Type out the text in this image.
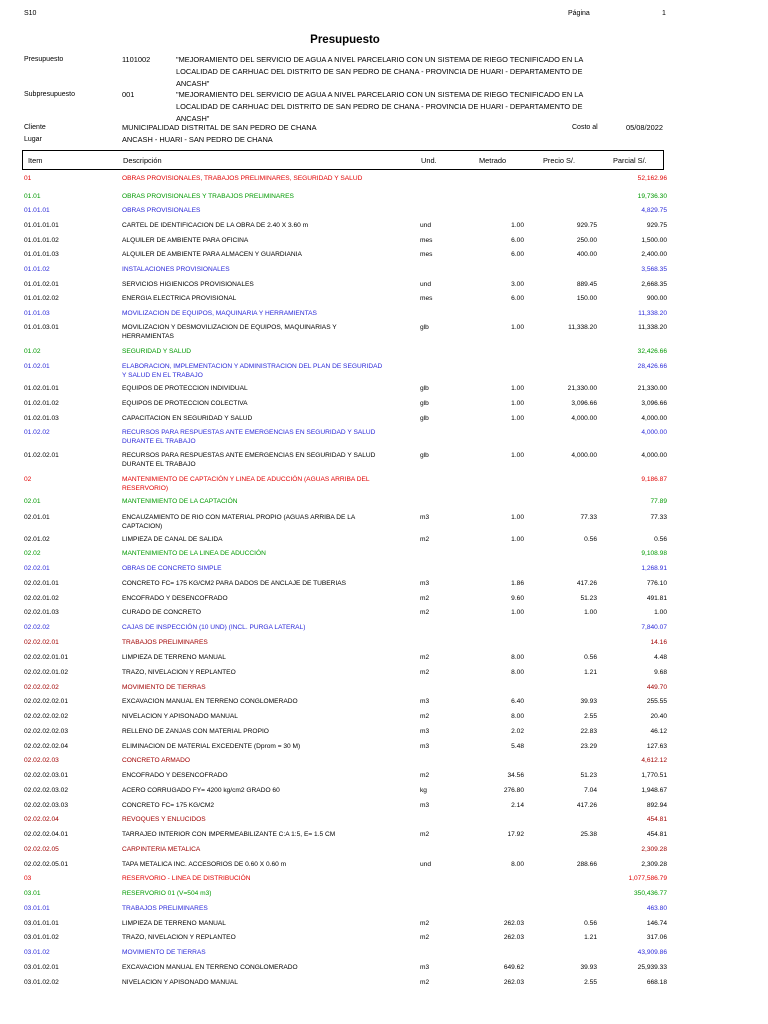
S10	Página	1
Presupuesto
Presupuesto	1101002	"MEJORAMIENTO DEL SERVICIO DE AGUA A NIVEL PARCELARIO CON UN SISTEMA DE RIEGO TECNIFICADO EN LA
LOCALIDAD DE CARHUAC DEL DISTRITO DE SAN PEDRO DE CHANA - PROVINCIA DE HUARI - DEPARTAMENTO DE
ANCASH"
Subpresupuesto	001	"MEJORAMIENTO DEL SERVICIO DE AGUA A NIVEL PARCELARIO CON UN SISTEMA DE RIEGO TECNIFICADO EN LA
LOCALIDAD DE CARHUAC DEL DISTRITO DE SAN PEDRO DE CHANA - PROVINCIA DE HUARI - DEPARTAMENTO DE
ANCASH"
Cliente	MUNICIPALIDAD DISTRITAL DE SAN PEDRO DE CHANA	Costo al	05/08/2022
Lugar	ANCASH - HUARI - SAN PEDRO DE CHANA
Item	Descripción	Und.	Metrado	Precio S/.	Parcial S/.
01	OBRAS PROVISIONALES, TRABAJOS PRELIMINARES, SEGURIDAD Y SALUD	52,162.96
01.01	OBRAS PROVISIONALES Y TRABAJOS PRELIMINARES	19,736.30
01.01.01	OBRAS PROVISIONALES	4,829.75
01.01.01.01	CARTEL DE IDENTIFICACION DE LA OBRA DE 2.40 X 3.60 m	und	1.00	929.75	929.75
01.01.01.02	ALQUILER DE AMBIENTE PARA OFICINA	mes	6.00	250.00	1,500.00
01.01.01.03	ALQUILER DE AMBIENTE PARA ALMACEN Y GUARDIANIA	mes	6.00	400.00	2,400.00
01.01.02	INSTALACIONES PROVISIONALES	3,568.35
01.01.02.01	SERVICIOS HIGIENICOS PROVISIONALES	und	3.00	889.45	2,668.35
01.01.02.02	ENERGIA ELECTRICA PROVISIONAL	mes	6.00	150.00	900.00
01.01.03	MOVILIZACION DE EQUIPOS, MAQUINARIA Y HERRAMIENTAS	11,338.20
01.01.03.01	MOVILIZACION Y DESMOVILIZACION DE EQUIPOS, MAQUINARIAS Y
HERRAMIENTAS
glb	1.00	11,338.20	11,338.20
01.02	SEGURIDAD Y SALUD	32,426.66
01.02.01	ELABORACION, IMPLEMENTACION Y ADMINISTRACION DEL PLAN DE SEGURIDAD
Y SALUD EN EL TRABAJO
28,426.66
01.02.01.01	EQUIPOS DE PROTECCION INDIVIDUAL	glb	1.00	21,330.00	21,330.00
01.02.01.02	EQUIPOS DE PROTECCION COLECTIVA	glb	1.00	3,096.66	3,096.66
01.02.01.03	CAPACITACION EN SEGURIDAD Y SALUD	glb	1.00	4,000.00	4,000.00
01.02.02	RECURSOS PARA RESPUESTAS ANTE EMERGENCIAS EN SEGURIDAD Y SALUD
DURANTE EL TRABAJO
4,000.00
01.02.02.01	RECURSOS PARA RESPUESTAS ANTE EMERGENCIAS EN SEGURIDAD Y SALUD
DURANTE EL TRABAJO
glb	1.00	4,000.00	4,000.00
02	MANTENIMIENTO DE CAPTACIÓN Y LINEA DE ADUCCIÓN (AGUAS ARRIBA DEL
RESERVORIO)
9,186.87
02.01	MANTENIMIENTO DE LA CAPTACIÓN	77.89
02.01.01	ENCAUZAMIENTO DE RIO CON MATERIAL PROPIO (AGUAS ARRIBA DE LA
CAPTACION)
m3	1.00	77.33	77.33
02.01.02	LIMPIEZA DE CANAL DE SALIDA	m2	1.00	0.56	0.56
02.02	MANTENIMIENTO DE LA LINEA DE ADUCCIÓN	9,108.98
02.02.01	OBRAS DE CONCRETO SIMPLE	1,268.91
02.02.01.01	CONCRETO FC= 175 KG/CM2 PARA DADOS DE ANCLAJE DE TUBERIAS	m3	1.86	417.26	776.10
02.02.01.02	ENCOFRADO Y DESENCOFRADO	m2	9.60	51.23	491.81
02.02.01.03	CURADO DE CONCRETO	m2	1.00	1.00	1.00
02.02.02	CAJAS DE INSPECCIÓN (10 UND) (INCL. PURGA LATERAL)	7,840.07
02.02.02.01	TRABAJOS PRELIMINARES	14.16
02.02.02.01.01	LIMPIEZA DE TERRENO MANUAL	m2	8.00	0.56	4.48
02.02.02.01.02	TRAZO, NIVELACION Y REPLANTEO	m2	8.00	1.21	9.68
02.02.02.02	MOVIMIENTO DE TIERRAS	449.70
02.02.02.02.01	EXCAVACION MANUAL EN TERRENO CONGLOMERADO	m3	6.40	39.93	255.55
02.02.02.02.02	NIVELACION Y APISONADO MANUAL	m2	8.00	2.55	20.40
02.02.02.02.03	RELLENO DE ZANJAS CON MATERIAL PROPIO	m3	2.02	22.83	46.12
02.02.02.02.04	ELIMINACION DE MATERIAL EXCEDENTE (Dprom = 30 M)	m3	5.48	23.29	127.63
02.02.02.03	CONCRETO ARMADO	4,612.12
02.02.02.03.01	ENCOFRADO Y DESENCOFRADO	m2	34.56	51.23	1,770.51
02.02.02.03.02	ACERO CORRUGADO FY= 4200 kg/cm2 GRADO 60	kg	276.80	7.04	1,948.67
02.02.02.03.03	CONCRETO FC= 175 KG/CM2	m3	2.14	417.26	892.94
02.02.02.04	REVOQUES Y ENLUCIDOS	454.81
02.02.02.04.01	TARRAJEO INTERIOR CON IMPERMEABILIZANTE C:A 1:5, E= 1.5 CM	m2	17.92	25.38	454.81
02.02.02.05	CARPINTERIA METALICA	2,309.28
02.02.02.05.01	TAPA METALICA INC. ACCESORIOS DE 0.60 X 0.60 m	und	8.00	288.66	2,309.28
03	RESERVORIO - LINEA DE DISTRIBUCIÓN	1,077,586.79
03.01	RESERVORIO 01 (V=504 m3)	350,436.77
03.01.01	TRABAJOS PRELIMINARES	463.80
03.01.01.01	LIMPIEZA DE TERRENO MANUAL	m2	262.03	0.56	146.74
03.01.01.02	TRAZO, NIVELACION Y REPLANTEO	m2	262.03	1.21	317.06
03.01.02	MOVIMIENTO DE TIERRAS	43,909.86
03.01.02.01	EXCAVACION MANUAL EN TERRENO CONGLOMERADO	m3	649.62	39.93	25,939.33
03.01.02.02	NIVELACION Y APISONADO MANUAL	m2	262.03	2.55	668.18
